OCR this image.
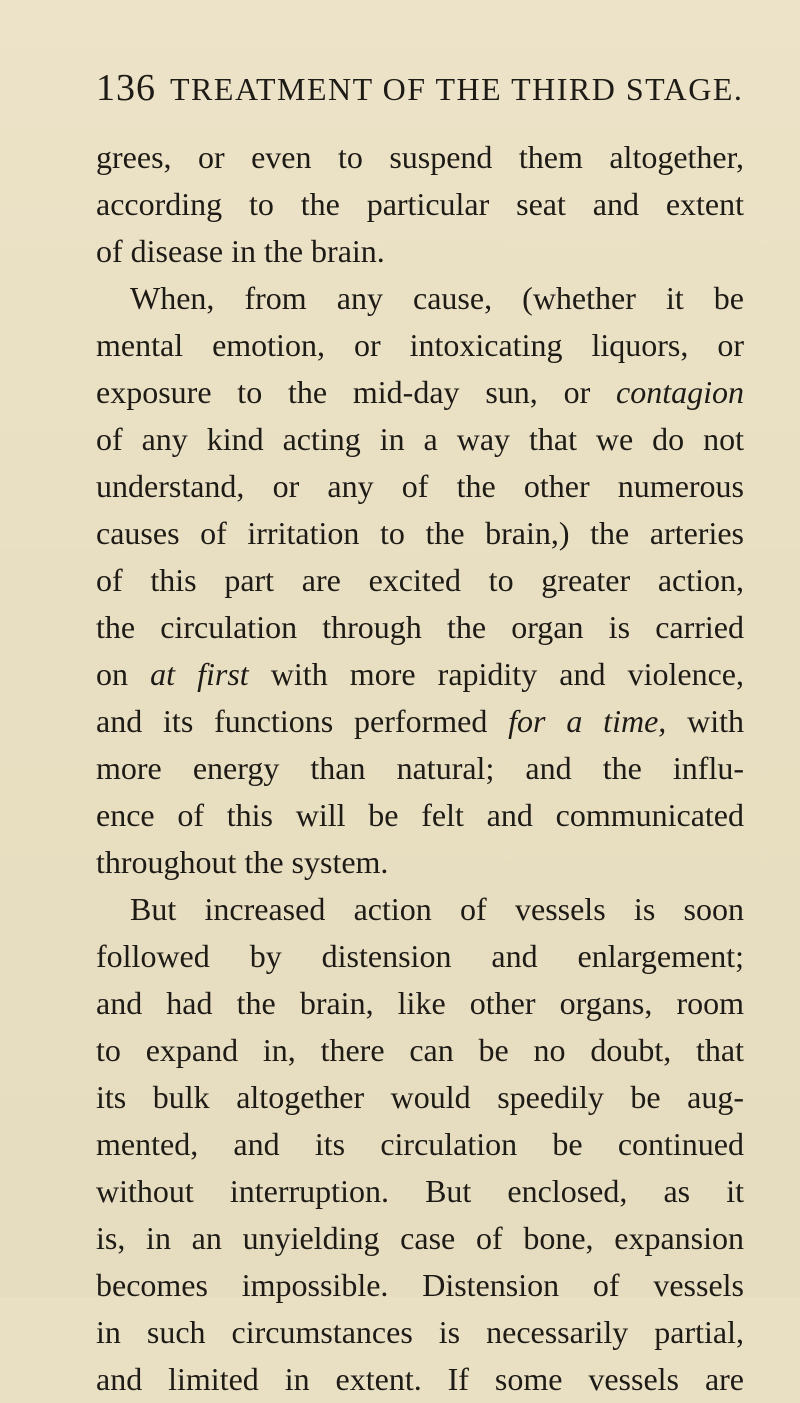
136 TREATMENT OF THE THIRD STAGE.
grees, or even to suspend them altogether,
according to the particular seat and extent
of disease in the brain.
When, from any cause, (whether it be
mental emotion, or intoxicating liquors, or
exposure to the mid-day sun, or contagion
of any kind acting in a way that we do not
understand, or any of the other numerous
causes of irritation to the brain,) the arteries
of this part are excited to greater action,
the circulation through the organ is carried
on at first with more rapidity and violence,
and its functions performed for a time, with
more energy than natural; and the influ-
ence of this will be felt and communicated
throughout the system.
But increased action of vessels is soon
followed by distension and enlargement;
and had the brain, like other organs, room
to expand in, there can be no doubt, that
its bulk altogether would speedily be aug-
mented, and its circulation be continued
without interruption. But enclosed, as it
is, in an unyielding case of bone, expansion
becomes impossible. Distension of vessels
in such circumstances is necessarily partial,
and limited in extent. If some vessels are
